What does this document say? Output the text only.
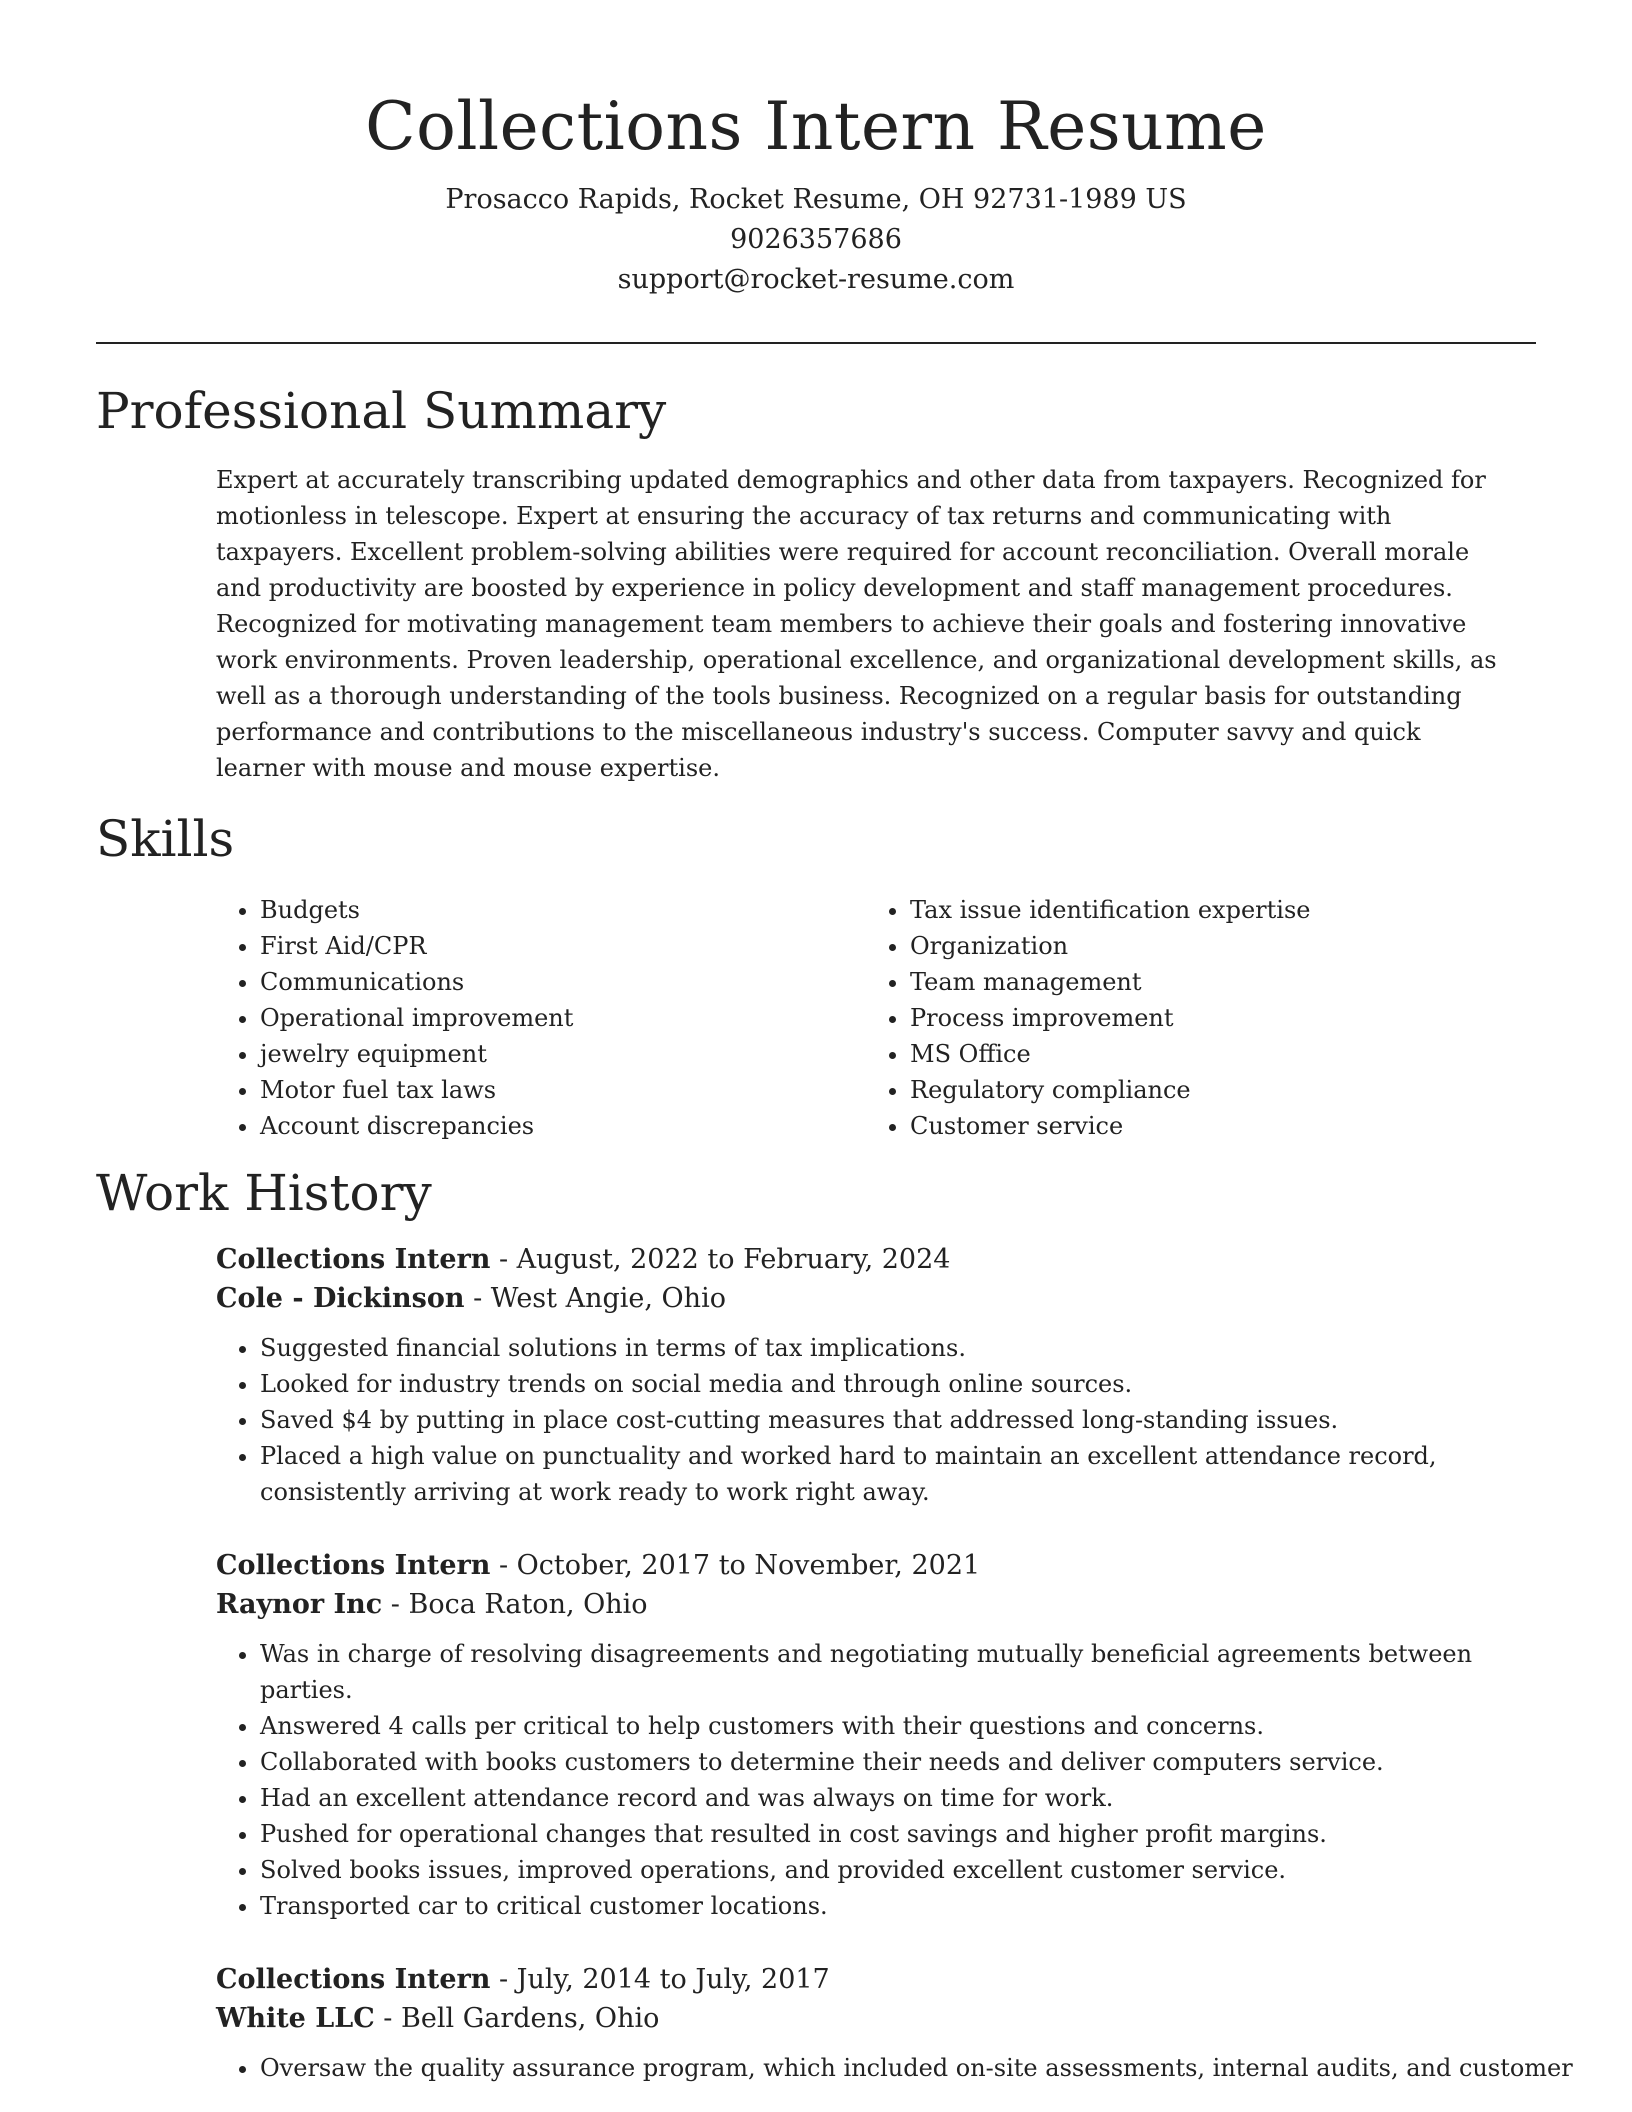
Collections Intern Resume

Prosacco Rapids, Rocket Resume, OH 92731-1989 US

9026357686

support@rocket-resume.com

Professional Summary

Expert at accurately transcribing updated demographics and other data from taxpayers. Recognized for motionless in telescope. Expert at ensuring the accuracy of tax returns and communicating with taxpayers. Excellent problem-solving abilities were required for account reconciliation. Overall morale and productivity are boosted by experience in policy development and staff management procedures. Recognized for motivating management team members to achieve their goals and fostering innovative work environments. Proven leadership, operational excellence, and organizational development skills, as well as a thorough understanding of the tools business. Recognized on a regular basis for outstanding performance and contributions to the miscellaneous industry's success. Computer savvy and quick learner with mouse and mouse expertise.

Skills
• Budgets
• First Aid/CPR
• Communications
• Operational improvement
• jewelry equipment
• Motor fuel tax laws
• Account discrepancies
• Tax issue identification expertise
• Organization
• Team management
• Process improvement
• MS Office
• Regulatory compliance
• Customer service
Work History

Collections Intern - August, 2022 to February, 2024

Cole - Dickinson - West Angie, Ohio

• Suggested financial solutions in terms of tax implications.
• Looked for industry trends on social media and through online sources.
• Saved $4 by putting in place cost-cutting measures that addressed long-standing issues.
• Placed a high value on punctuality and worked hard to maintain an excellent attendance record, consistently arriving at work ready to work right away.

Collections Intern - October, 2017 to November, 2021

Raynor Inc - Boca Raton, Ohio

• Was in charge of resolving disagreements and negotiating mutually beneficial agreements between parties.
• Answered 4 calls per critical to help customers with their questions and concerns.
• Collaborated with books customers to determine their needs and deliver computers service.
• Had an excellent attendance record and was always on time for work.
• Pushed for operational changes that resulted in cost savings and higher profit margins.
• Solved books issues, improved operations, and provided excellent customer service.
• Transported car to critical customer locations.

Collections Intern - July, 2014 to July, 2017

White LLC - Bell Gardens, Ohio

• Oversaw the quality assurance program, which included on-site assessments, internal audits, and customer
